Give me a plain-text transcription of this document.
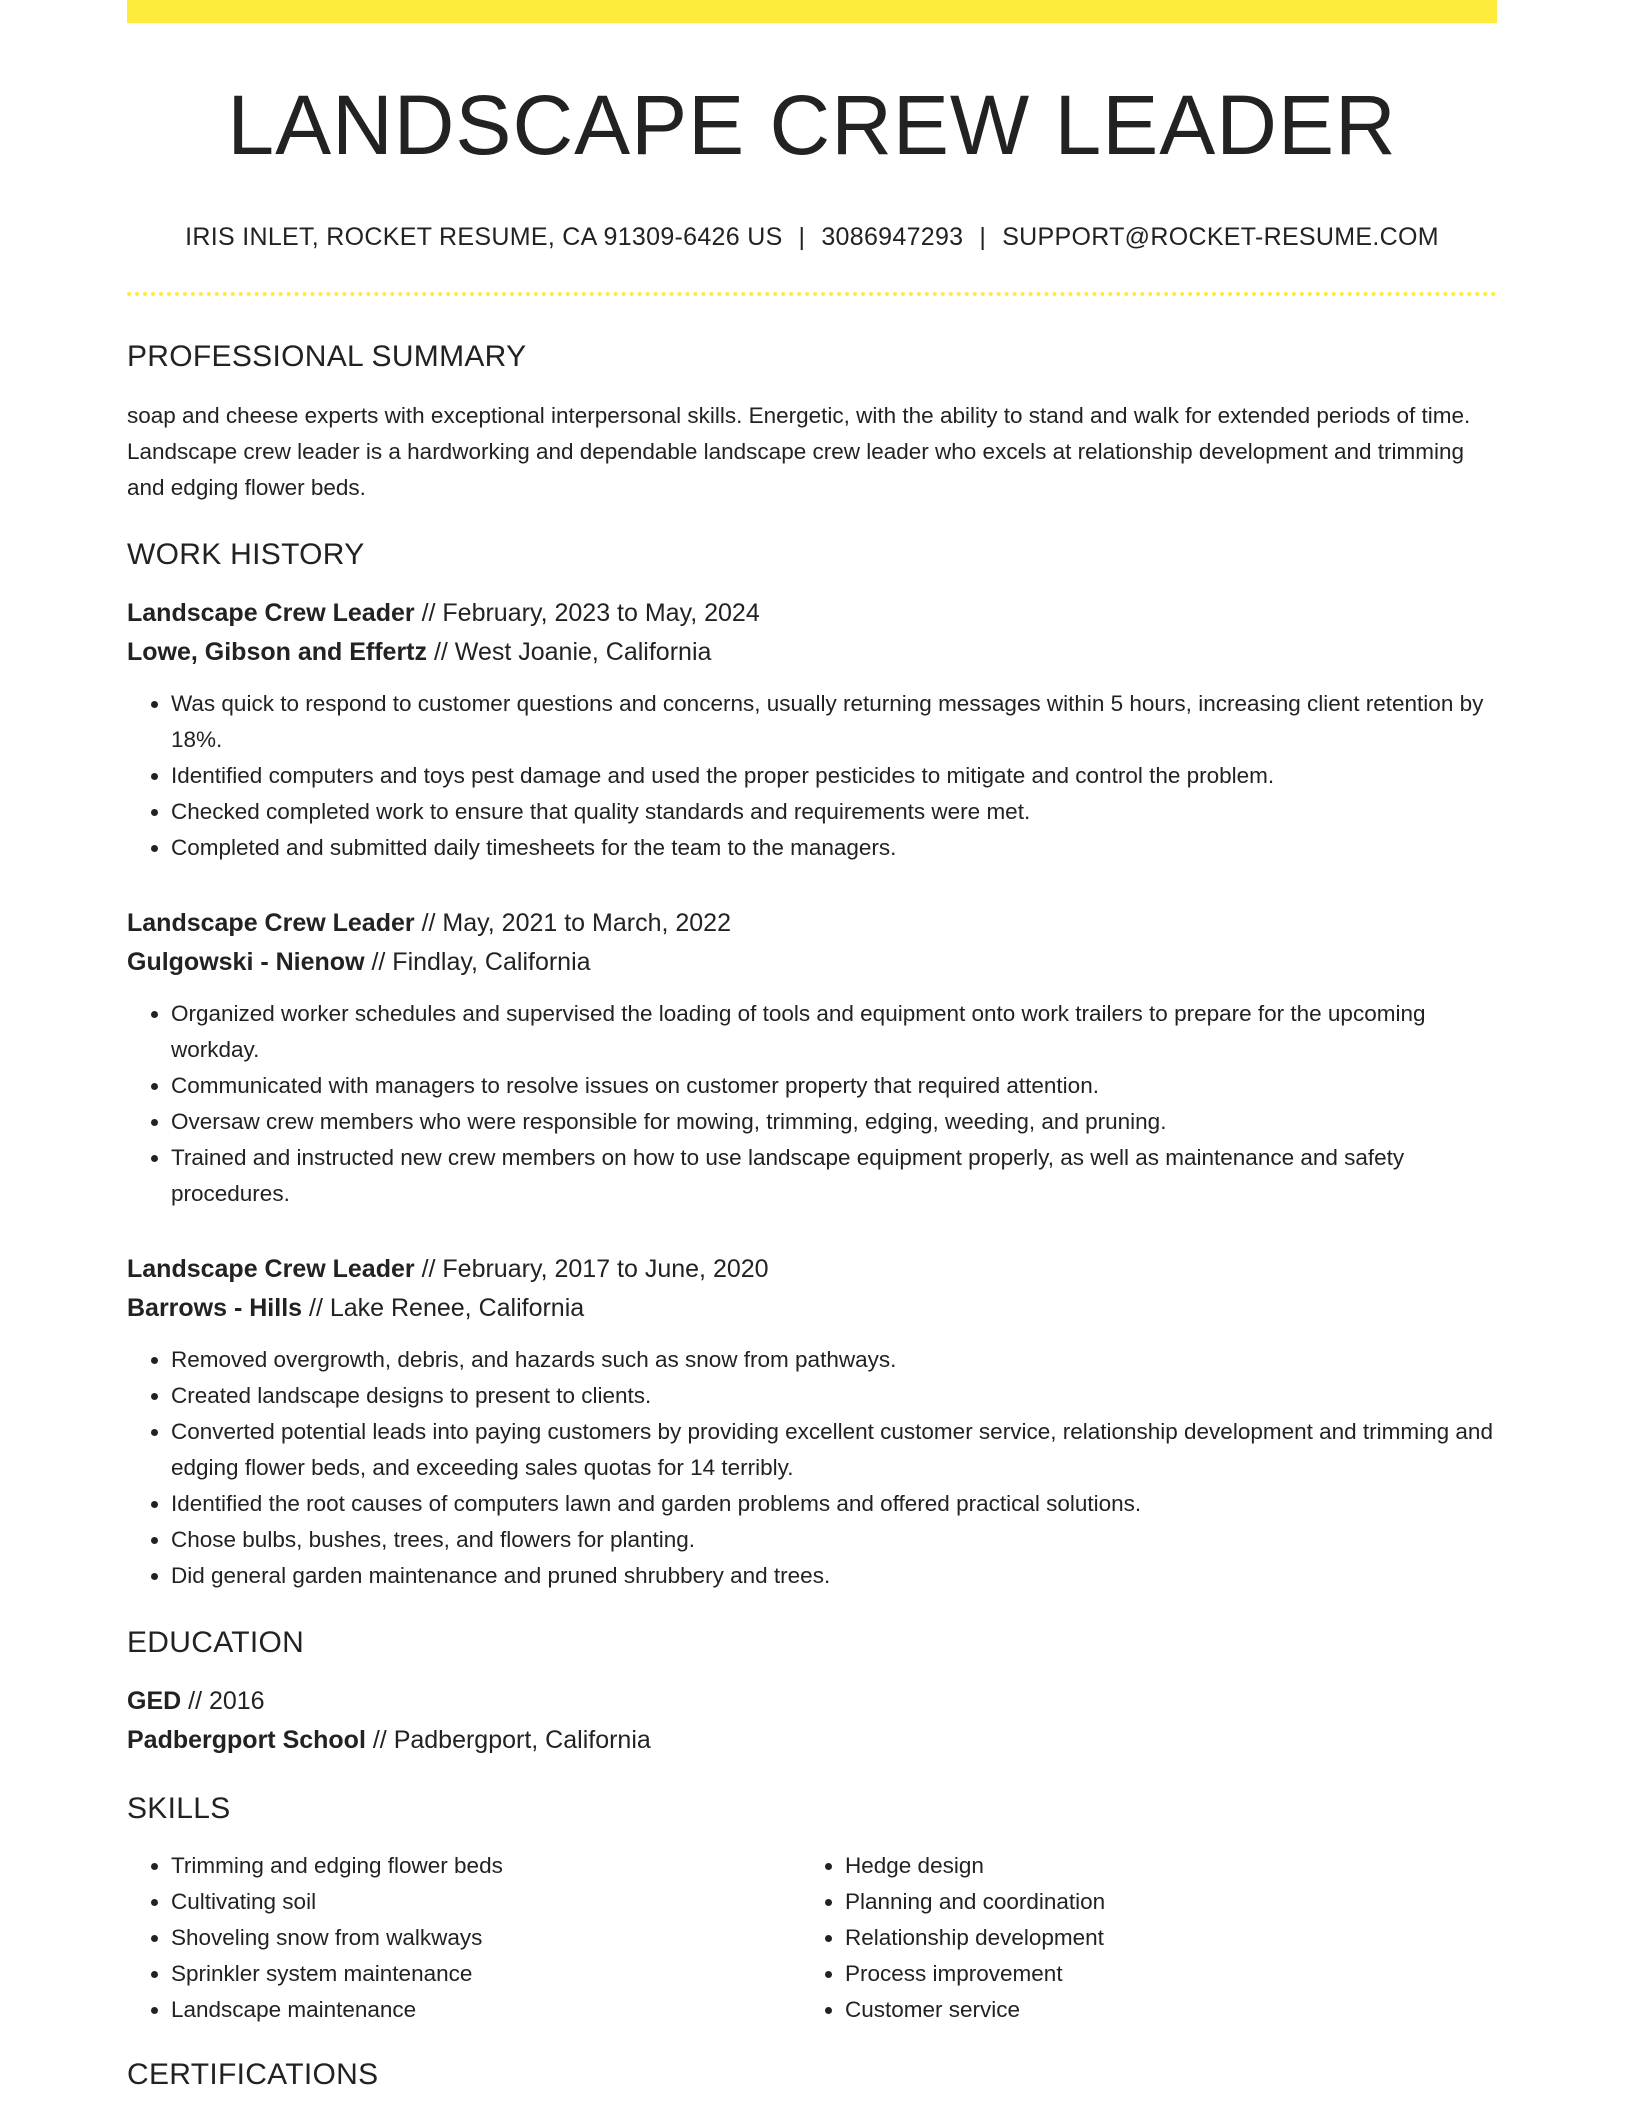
LANDSCAPE CREW LEADER
IRIS INLET, ROCKET RESUME, CA 91309-6426 US | 3086947293 | SUPPORT@ROCKET-RESUME.COM
PROFESSIONAL SUMMARY
soap and cheese experts with exceptional interpersonal skills. Energetic, with the ability to stand and walk for extended periods of time. Landscape crew leader is a hardworking and dependable landscape crew leader who excels at relationship development and trimming and edging flower beds.
WORK HISTORY
Landscape Crew Leader // February, 2023 to May, 2024
Lowe, Gibson and Effertz // West Joanie, California
• Was quick to respond to customer questions and concerns, usually returning messages within 5 hours, increasing client retention by 18%.
• Identified computers and toys pest damage and used the proper pesticides to mitigate and control the problem.
• Checked completed work to ensure that quality standards and requirements were met.
• Completed and submitted daily timesheets for the team to the managers.
Landscape Crew Leader // May, 2021 to March, 2022
Gulgowski - Nienow // Findlay, California
• Organized worker schedules and supervised the loading of tools and equipment onto work trailers to prepare for the upcoming workday.
• Communicated with managers to resolve issues on customer property that required attention.
• Oversaw crew members who were responsible for mowing, trimming, edging, weeding, and pruning.
• Trained and instructed new crew members on how to use landscape equipment properly, as well as maintenance and safety procedures.
Landscape Crew Leader // February, 2017 to June, 2020
Barrows - Hills // Lake Renee, California
• Removed overgrowth, debris, and hazards such as snow from pathways.
• Created landscape designs to present to clients.
• Converted potential leads into paying customers by providing excellent customer service, relationship development and trimming and edging flower beds, and exceeding sales quotas for 14 terribly.
• Identified the root causes of computers lawn and garden problems and offered practical solutions.
• Chose bulbs, bushes, trees, and flowers for planting.
• Did general garden maintenance and pruned shrubbery and trees.
EDUCATION
GED // 2016
Padbergport School // Padbergport, California
SKILLS
• Trimming and edging flower beds
• Cultivating soil
• Shoveling snow from walkways
• Sprinkler system maintenance
• Landscape maintenance
• Hedge design
• Planning and coordination
• Relationship development
• Process improvement
• Customer service
CERTIFICATIONS
